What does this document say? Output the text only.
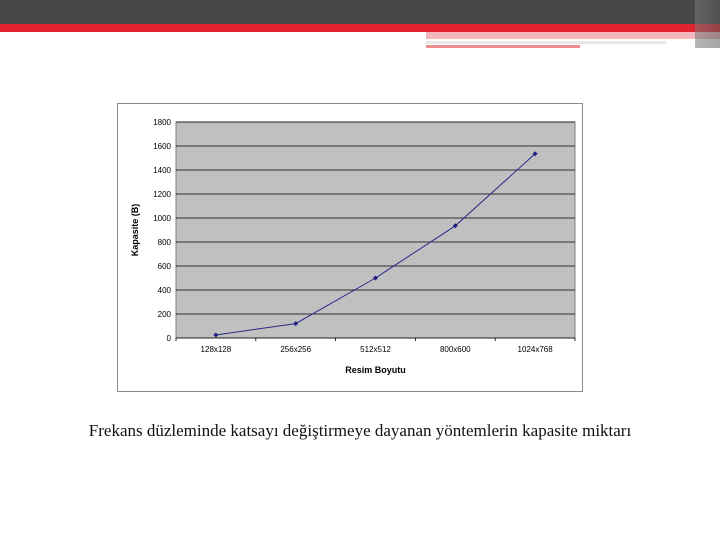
0
200
400
600
800
1000
1200
1400
1600
1800
128x128	256x256	512x512	800x600	1024x768
Kapasite (B)
Resim Boyutu
Frekans düzleminde katsayı değiştirmeye dayanan yöntemlerin kapasite miktarı
